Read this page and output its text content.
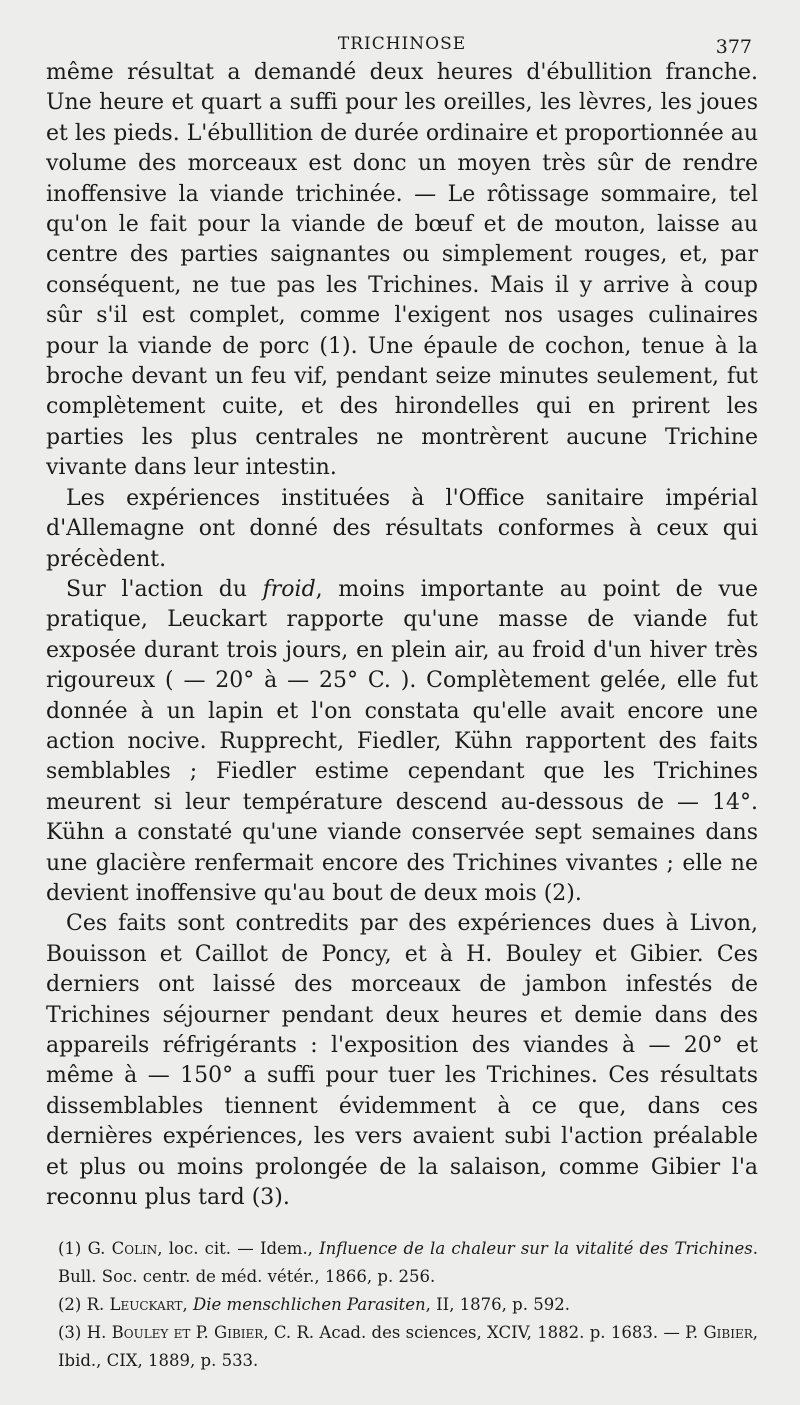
TRICHINOSE	377

même résultat a demandé deux heures d'ébullition franche. Une heure et quart a suffi pour les oreilles, les lèvres, les joues et les pieds. L'ébullition de durée ordinaire et proportionnée au volume des morceaux est donc un moyen très sûr de rendre inoffensive la viande trichinée. — Le rôtissage sommaire, tel qu'on le fait pour la viande de bœuf et de mouton, laisse au centre des parties saignantes ou simplement rouges, et, par conséquent, ne tue pas les Trichines. Mais il y arrive à coup sûr s'il est complet, comme l'exigent nos usages culinaires pour la viande de porc (1). Une épaule de cochon, tenue à la broche devant un feu vif, pendant seize minutes seulement, fut complètement cuite, et des hirondelles qui en prirent les parties les plus centrales ne montrèrent aucune Trichine vivante dans leur intestin.

Les expériences instituées à l'Office sanitaire impérial d'Allemagne ont donné des résultats conformes à ceux qui précèdent.

Sur l'action du froid, moins importante au point de vue pratique, Leuckart rapporte qu'une masse de viande fut exposée durant trois jours, en plein air, au froid d'un hiver très rigoureux ( — 20° à — 25° C. ). Complètement gelée, elle fut donnée à un lapin et l'on constata qu'elle avait encore une action nocive. Rupprecht, Fiedler, Kühn rapportent des faits semblables ; Fiedler estime cependant que les Trichines meurent si leur température descend au-dessous de — 14°. Kühn a constaté qu'une viande conservée sept semaines dans une glacière renfermait encore des Trichines vivantes ; elle ne devient inoffensive qu'au bout de deux mois (2).

Ces faits sont contredits par des expériences dues à Livon, Bouisson et Caillot de Poncy, et à H. Bouley et Gibier. Ces derniers ont laissé des morceaux de jambon infestés de Trichines séjourner pendant deux heures et demie dans des appareils réfrigérants : l'exposition des viandes à — 20° et même à — 150° a suffi pour tuer les Trichines. Ces résultats dissemblables tiennent évidemment à ce que, dans ces dernières expériences, les vers avaient subi l'action préalable et plus ou moins prolongée de la salaison, comme Gibier l'a reconnu plus tard (3).

(1) G. Colin, loc. cit. — Idem., Influence de la chaleur sur la vitalité des Trichines. Bull. Soc. centr. de méd. vétér., 1866, p. 256.

(2) R. Leuckart, Die menschlichen Parasiten, II, 1876, p. 592.

(3) H. Bouley et P. Gibier, C. R. Acad. des sciences, XCIV, 1882. p. 1683. — P. Gibier, Ibid., CIX, 1889, p. 533.
